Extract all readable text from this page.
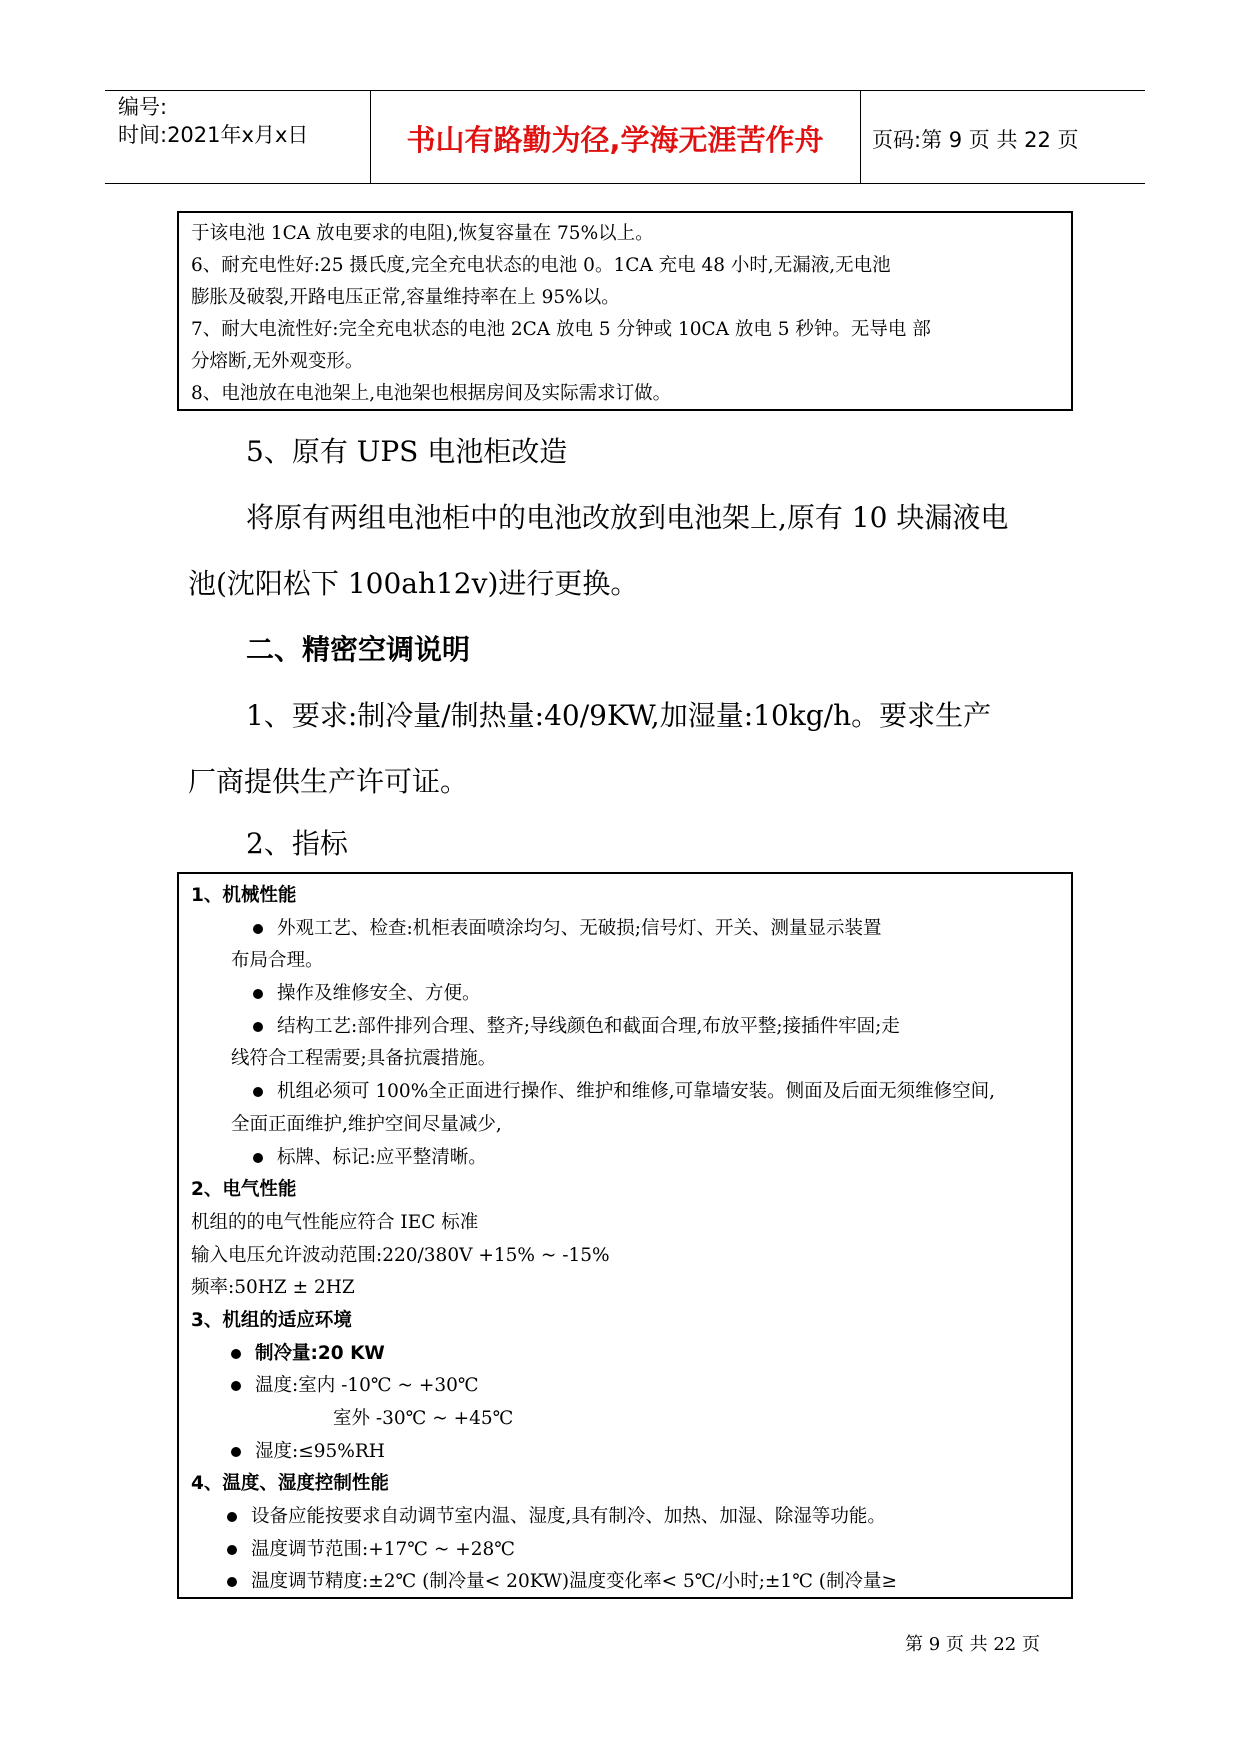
编号:
时间:2021年x月x日	书山有路勤为径,学海无涯苦作舟	页码:第 9 页 共 22 页
于该电池 1CA 放电要求的电阻),恢复容量在 75%以上。
6、耐充电性好:25 摄氏度,完全充电状态的电池 0。1CA 充电 48 小时,无漏液,无电池
膨胀及破裂,开路电压正常,容量维持率在上 95%以。
7、耐大电流性好:完全充电状态的电池 2CA 放电 5 分钟或 10CA 放电 5 秒钟。无导电 部
分熔断,无外观变形。
8、电池放在电池架上,电池架也根据房间及实际需求订做。
5、原有 UPS 电池柜改造
将原有两组电池柜中的电池改放到电池架上,原有 10 块漏液电
池(沈阳松下 100ah12v)进行更换。
二、精密空调说明
1、要求:制冷量/制热量:40/9KW,加湿量:10kg/h。要求生产
厂商提供生产许可证。
2、指标
1、机械性能
外观工艺、检查:机柜表面喷涂均匀、无破损;信号灯、开关、测量显示装置
布局合理。
操作及维修安全、方便。
结构工艺:部件排列合理、整齐;导线颜色和截面合理,布放平整;接插件牢固;走
线符合工程需要;具备抗震措施。
机组必须可 100%全正面进行操作、维护和维修,可靠墙安装。侧面及后面无须维修空间,
全面正面维护,维护空间尽量减少,
标牌、标记:应平整清晰。
2、电气性能
机组的的电气性能应符合 IEC 标准
输入电压允许波动范围:220/380V +15% ~ -15%
频率:50HZ ± 2HZ
3、机组的适应环境
制冷量:20 KW
温度:室内 -10℃ ~ +30℃
室外 -30℃ ~ +45℃
湿度:≤95%RH
4、温度、湿度控制性能
设备应能按要求自动调节室内温、湿度,具有制冷、加热、加湿、除湿等功能。
温度调节范围:+17℃ ~ +28℃
温度调节精度:±2℃ (制冷量< 20KW)温度变化率< 5℃/小时;±1℃ (制冷量≥
第 9 页 共 22 页
